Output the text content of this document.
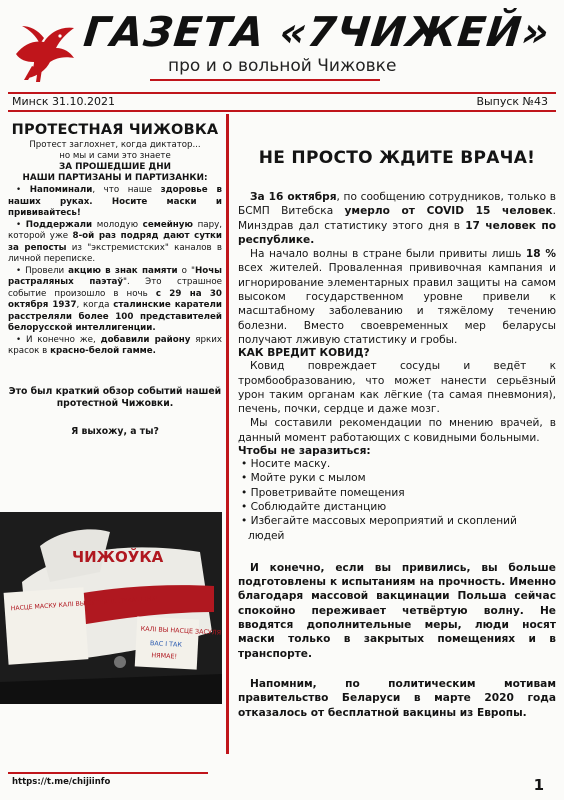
ГАЗЕТА «7ЧИЖЕЙ»
про и о вольной Чижовке
Минск 31.10.2021	Выпуск №43
ПРОТЕСТНАЯ ЧИЖОВКА
Протест заглохнет, когда диктатор...
но мы и сами это знаете
ЗА ПРОШЕДШИЕ ДНИ
НАШИ ПАРТИЗАНЫ И ПАРТИЗАНКИ:
• Напоминали, что наше здоровье в наших руках. Носите маски и прививайтесь!
• Поддержали молодую семейную пару, которой уже 8-ой раз подряд дают сутки за репосты из "экстремистских" каналов в личной переписке.
• Провели акцию в знак памяти о "Ночы растраляных паэтаў". Это страшное событие произошло в ночь с 29 на 30 октября 1937, когда сталинские каратели расстреляли более 100 представителей белорусской интеллигенции.
• И конечно же, добавили району ярких красок в красно-белой гамме.
Это был краткий обзор событий нашей протестной Чижовки.
Я выхожу, а ты?
ЧИЖОЎКА
НАСЦЕ МАСКУ КАЛІ ВЫ СУПРАЦЬ ЛУКАШЭНКІ
КАЛІ ВЫ НАСЦЕ ЗАСУЛЯ
ВАС І ТАК
НЯМАЕ!
НЕ ПРОСТО ЖДИТЕ ВРАЧА!

За 16 октября, по сообщению сотрудников, только в БСМП Витебска умерло от COVID 15 человек. Минздрав дал статистику этого дня в 17 человек по республике.

На начало волны в стране были привиты лишь 18 % всех жителей. Проваленная прививочная кампания и игнорирование элементарных правил защиты на самом высоком государственном уровне привели к масштабному заболеванию и тяжёлому течению болезни. Вместо своевременных мер беларусы получают лживую статистику и гробы.

КАК ВРЕДИТ КОВИД?

Ковид повреждает сосуды и ведёт к тромбообразованию, что может нанести серьёзный урон таким органам как лёгкие (та самая пневмония), печень, почки, сердце и даже мозг.

Мы составили рекомендации по мнению врачей, в данный момент работающих с ковидными больными.

Чтобы не заразиться:

• Носите маску.
• Мойте руки с мылом
• Проветривайте помещения
• Соблюдайте дистанцию
• Избегайте массовых мероприятий и скоплений людей

И конечно, если вы привились, вы больше подготовлены к испытаниям на прочность. Именно благодаря массовой вакцинации Польша сейчас спокойно переживает четвёртую волну. Не вводятся дополнительные меры, люди носят маски только в закрытых помещениях и в транспорте.

Напомним, по политическим мотивам правительство Беларуси в марте 2020 года отказалось от бесплатной вакцины из Европы.

https://t.me/chijiinfo	1
